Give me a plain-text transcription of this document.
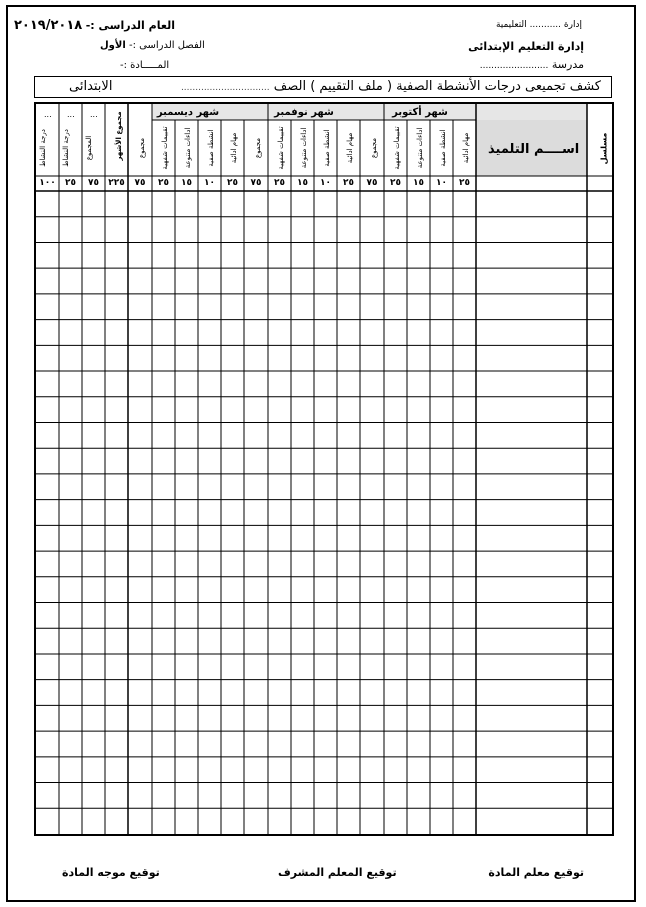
العام الدراسى :- ٢٠١٩/٢٠١٨
الفصل الدراسى :- الأول
المـــــادة :-
إدارة ........... التعليمية
إدارة التعليم الإبتدائى
مدرسة ........................
كشف تجميعى درجات الأنشطة الصفية ( ملف التقييم ) الصف ...............................
الابتدائى
مسلسل
اســــم التلميذ
شهر أكتوبر
شهر نوفمبر
شهر ديسمبر
مهام ادائية
انشطة صفية
اداءات متنوعة
تقييمات شفهية
مجموع
مهام ادائية
انشطة صفية
اداءات متنوعة
تقييمات شفهية
مجموع
مهام ادائية
انشطة صفية
اداءات متنوعة
تقييمات شفهية
مجموع
مجموع الأشهر
المجموع
درجة النشاط
درجة النشاط
...
... ...
٢٥
١٠
١٥
٢٥
٧٥
٢٥
١٠
١٥
٢٥
٧٥
٢٥
١٠
١٥
٢٥
٧٥
٢٢٥
٧٥
٢٥
١٠٠
توقيع معلم المادة
توقيع المعلم المشرف
توقيع موجه المادة
